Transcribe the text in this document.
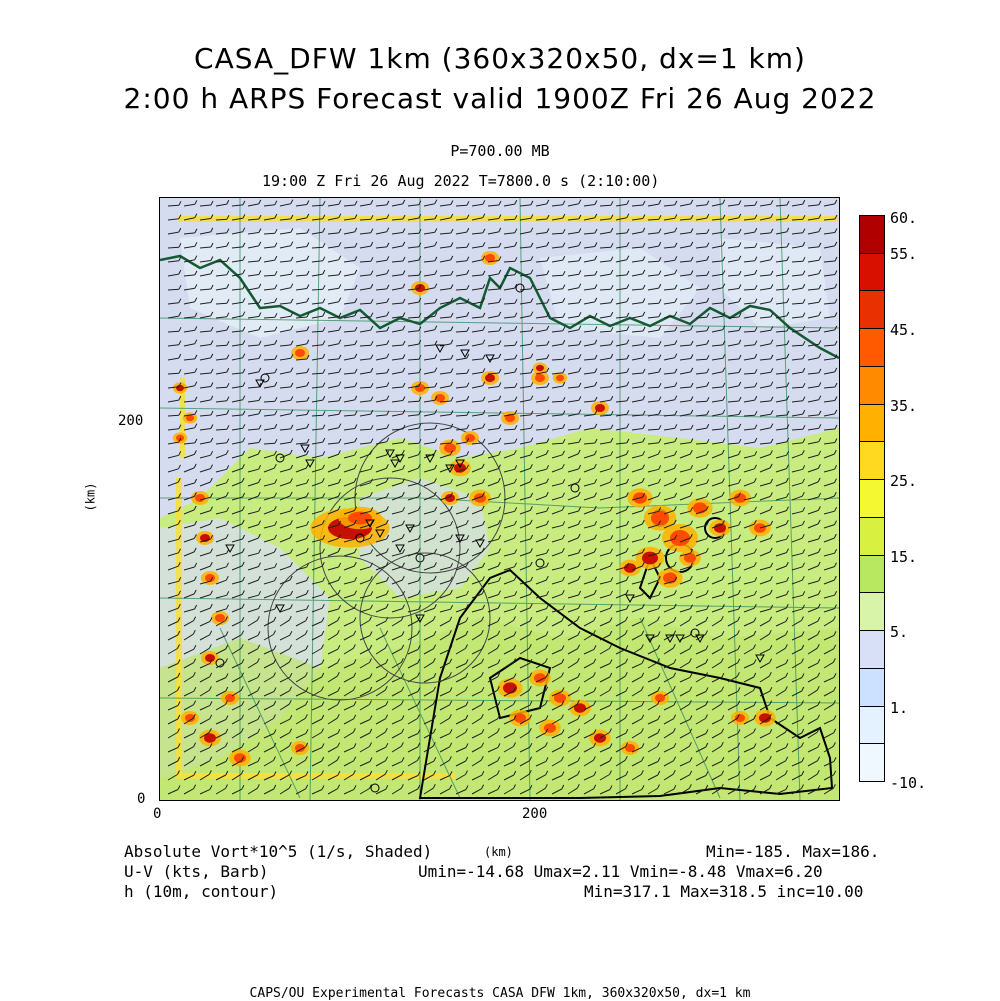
CASA_DFW 1km (360x320x50, dx=1 km)
2:00 h ARPS Forecast valid 1900Z Fri 26 Aug 2022
P=700.00 MB
19:00 Z Fri 26 Aug 2022 T=7800.0 s (2:10:00)
200
0
0	200
(km)
60.
55.
45.
35.
25.
15.
5.
1.
-10.
Absolute Vort*10^5 (1/s, Shaded)	Min=-185. Max=186.
(km)
U-V (kts, Barb)	Umin=-14.68 Umax=2.11 Vmin=-8.48 Vmax=6.20
h (10m, contour)	Min=317.1 Max=318.5 inc=10.00
CAPS/OU Experimental Forecasts CASA DFW 1km, 360x320x50, dx=1 km
